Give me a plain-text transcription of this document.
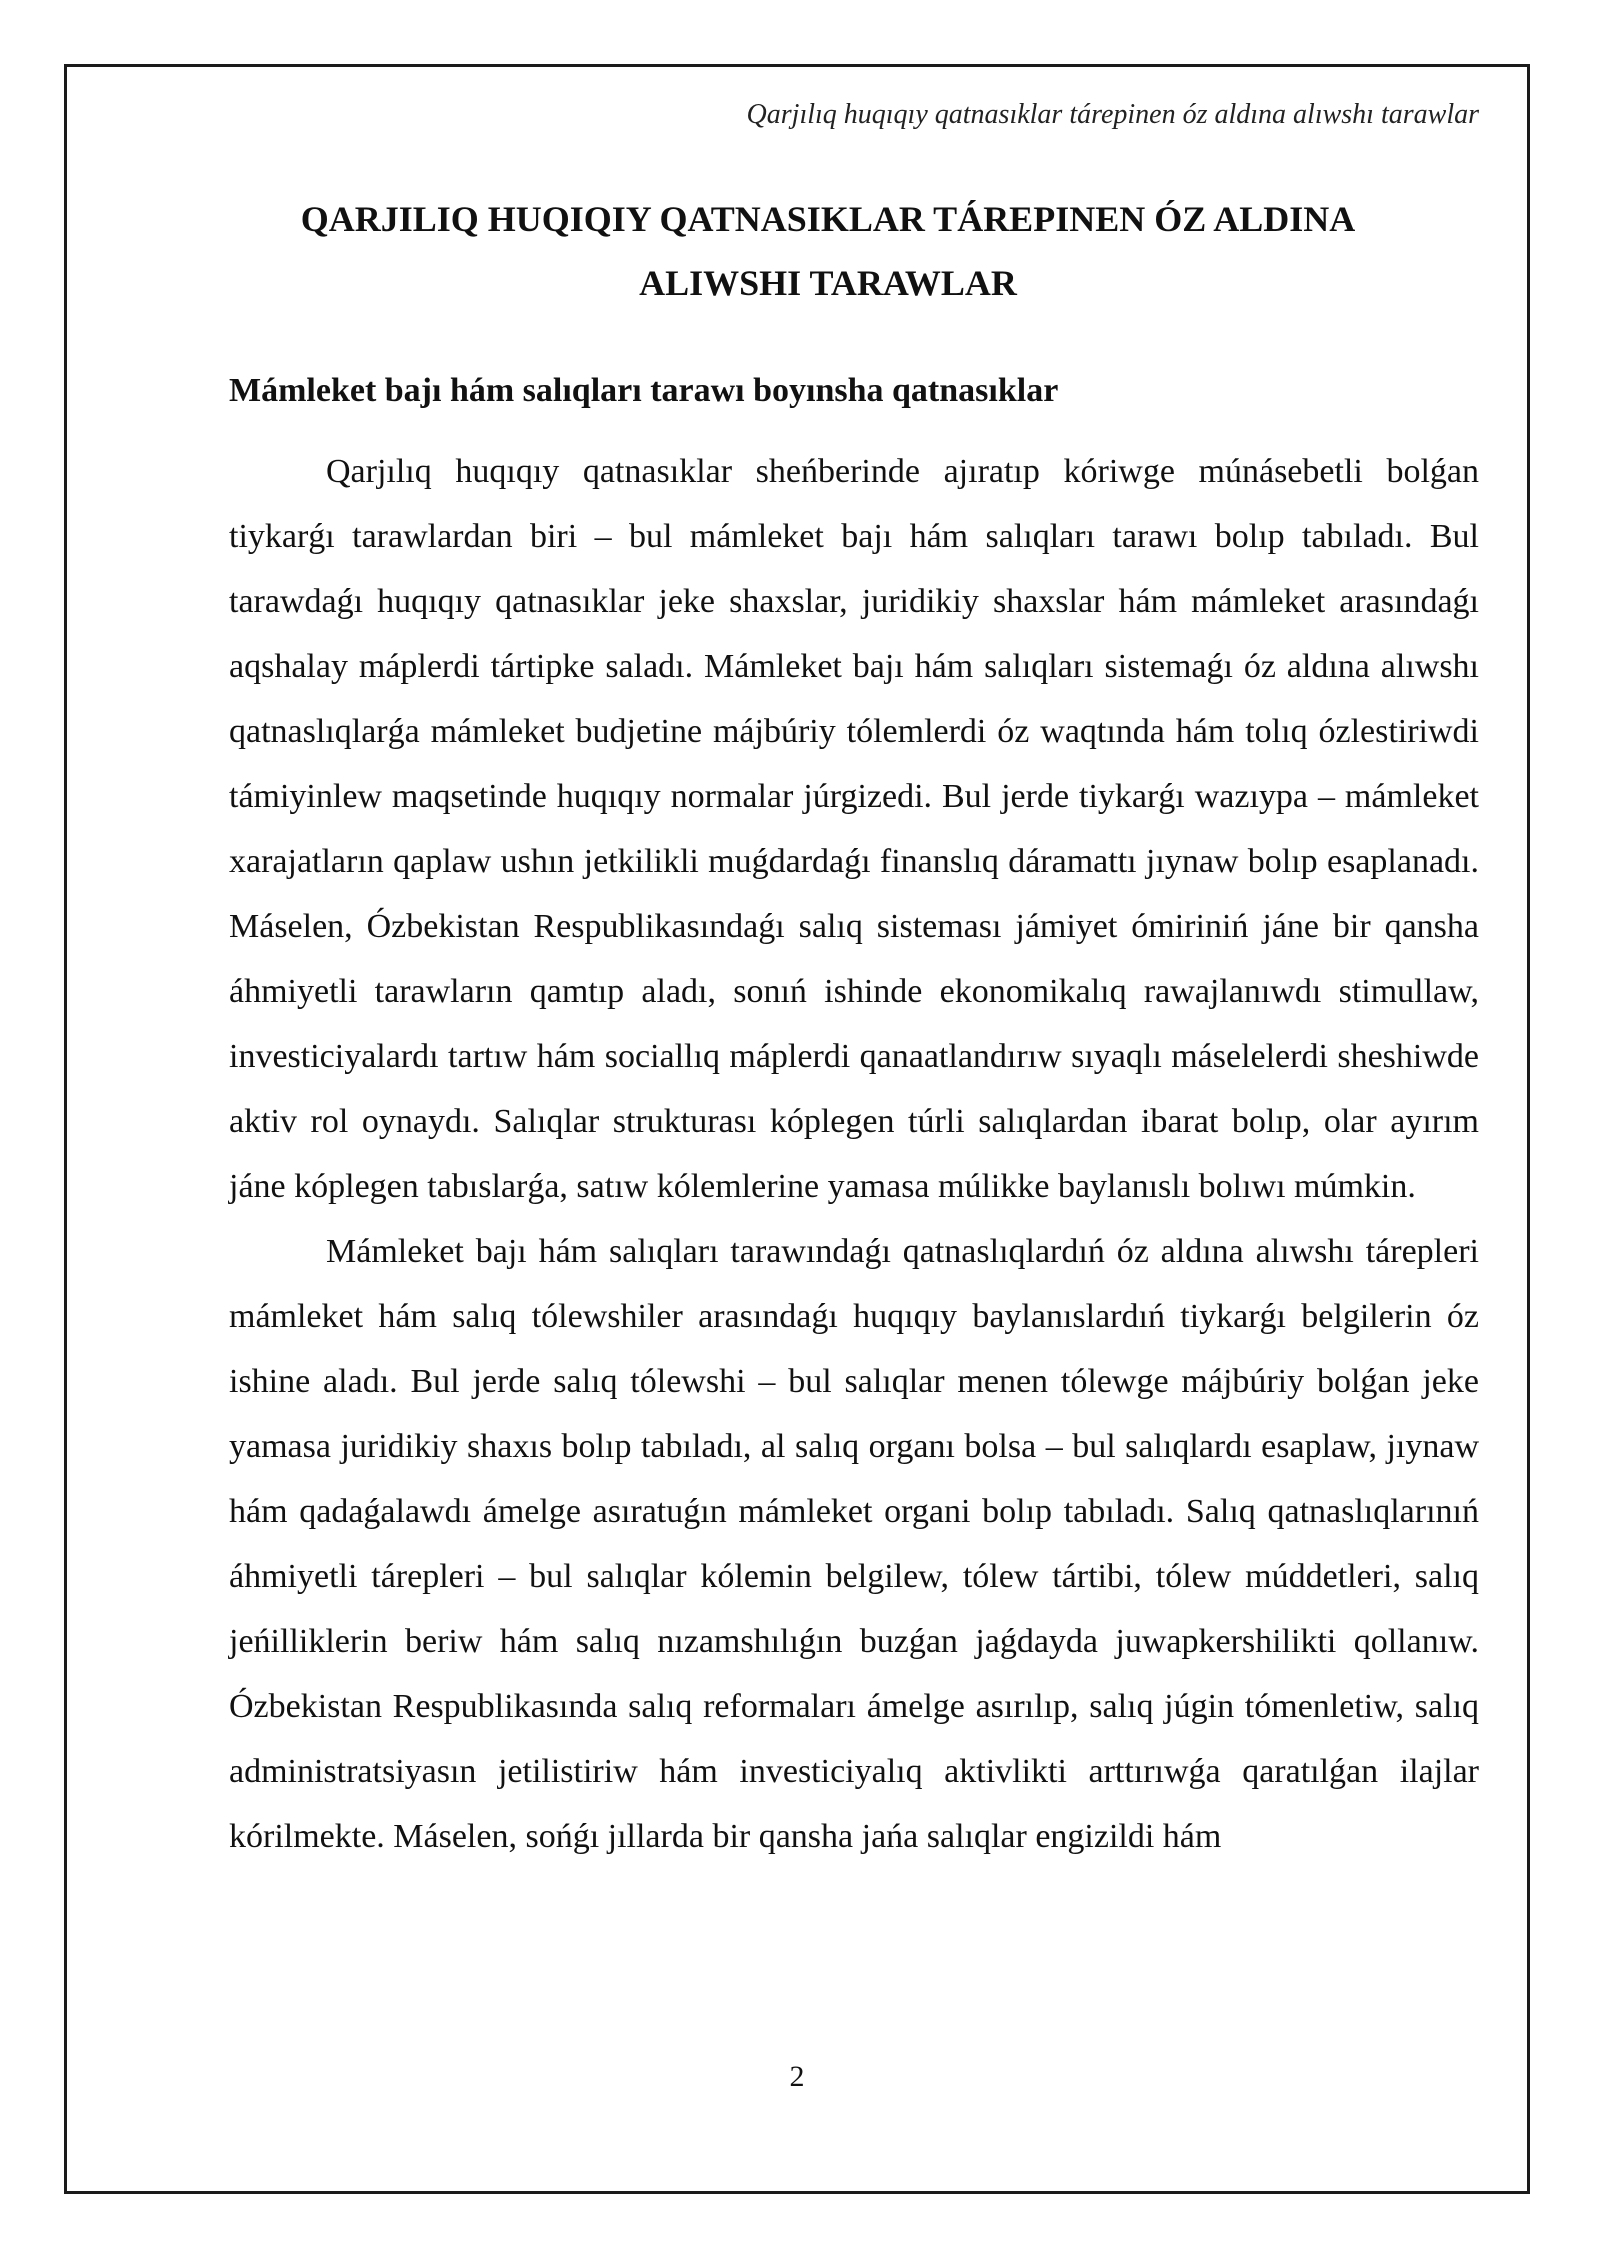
Qarjılıq huqıqıy qatnasıklar tárepinen óz aldına alıwshı tarawlar
QARJILIQ HUQIQIY QATNASIKLAR TÁREPINEN ÓZ ALDINA
ALIWSHI TARAWLAR
Mámleket bajı hám salıqları tarawı boyınsha qatnasıklar

Qarjılıq huqıqıy qatnasıklar sheńberinde ajıratıp kóriwge múnásebetli bolǵan tiykarǵı tarawlardan biri – bul mámleket bajı hám salıqları tarawı bolıp tabıladı. Bul tarawdaǵı huqıqıy qatnasıklar jeke shaxslar, juridikiy shaxslar hám mámleket arasındaǵı aqshalay máplerdi tártipke saladı. Mámleket bajı hám salıqları sistemaǵı óz aldına alıwshı qatnaslıqlarǵa mámleket budjetine májbúriy tólemlerdi óz waqtında hám tolıq ózlestiriwdi támiyinlew maqsetinde huqıqıy normalar júrgizedi. Bul jerde tiykarǵı wazıypa – mámleket xarajatların qaplaw ushın jetkilikli muǵdardaǵı finanslıq dáramattı jıynaw bolıp esaplanadı. Máselen, Ózbekistan Respublikasındaǵı salıq sisteması jámiyet ómiriniń jáne bir qansha áhmiyetli tarawların qamtıp aladı, sonıń ishinde ekonomikalıq rawajlanıwdı stimullaw, investiciyalardı tartıw hám sociallıq máplerdi qanaatlandırıw sıyaqlı máselelerdi sheshiwde aktiv rol oynaydı. Salıqlar strukturası kóplegen túrli salıqlardan ibarat bolıp, olar ayırım jáne kóplegen tabıslarǵa, satıw kólemlerine yamasa múlikke baylanıslı bolıwı múmkin.

Mámleket bajı hám salıqları tarawındaǵı qatnaslıqlardıń óz aldına alıwshı tárepleri mámleket hám salıq tólewshiler arasındaǵı huqıqıy baylanıslardıń tiykarǵı belgilerin óz ishine aladı. Bul jerde salıq tólewshi – bul salıqlar menen tólewge májbúriy bolǵan jeke yamasa juridikiy shaxıs bolıp tabıladı, al salıq organı bolsa – bul salıqlardı esaplaw, jıynaw hám qadaǵalawdı ámelge asıratuǵın mámleket organi bolıp tabıladı. Salıq qatnaslıqlarınıń áhmiyetli tárepleri – bul salıqlar kólemin belgilew, tólew tártibi, tólew múddetleri, salıq jeńilliklerin beriw hám salıq nızamshılıǵın buzǵan jaǵdayda juwapkershilikti qollanıw. Ózbekistan Respublikasında salıq reformaları ámelge asırılıp, salıq júgin tómenletiw, salıq administratsiyasın jetilistiriw hám investiciyalıq aktivlikti arttırıwǵa qaratılǵan ilajlar kórilmekte. Máselen, sońǵı jıllarda bir qansha jańa salıqlar engizildi hám

2
